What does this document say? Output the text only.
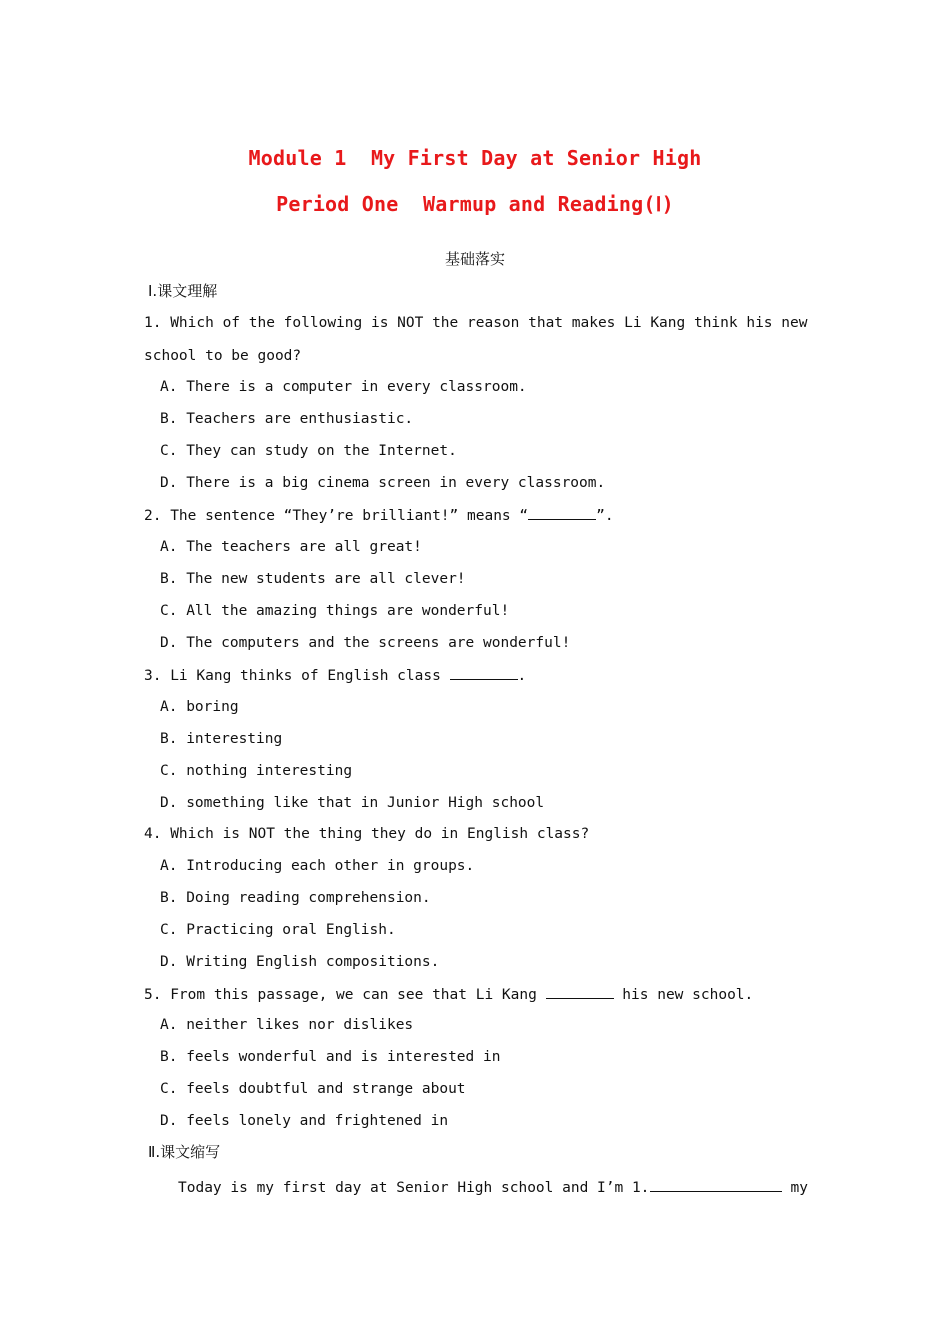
Module 1  My First Day at Senior High
Period One  Warmup and Reading(Ⅰ)
基础落实
Ⅰ.课文理解
1. Which of the following is NOT the reason that makes Li Kang think his new
school to be good?
A. There is a computer in every classroom.
B. Teachers are enthusiastic.
C. They can study on the Internet.
D. There is a big cinema screen in every classroom.
2. The sentence “They’re brilliant!” means “	”.
A. The teachers are all great!
B. The new students are all clever!
C. All the amazing things are wonderful!
D. The computers and the screens are wonderful!
3. Li Kang thinks of English class	.
A. boring
B. interesting
C. nothing interesting
D. something like that in Junior High school
4. Which is NOT the thing they do in English class?
A. Introducing each other in groups.
B. Doing reading comprehension.
C. Practicing oral English.
D. Writing English compositions.
5. From this passage, we can see that Li Kang	his new school.
A. neither likes nor dislikes
B. feels wonderful and is interested in
C. feels doubtful and strange about
D. feels lonely and frightened in
Ⅱ.课文缩写
Today is my first day at Senior High school and I’m 1.	my
